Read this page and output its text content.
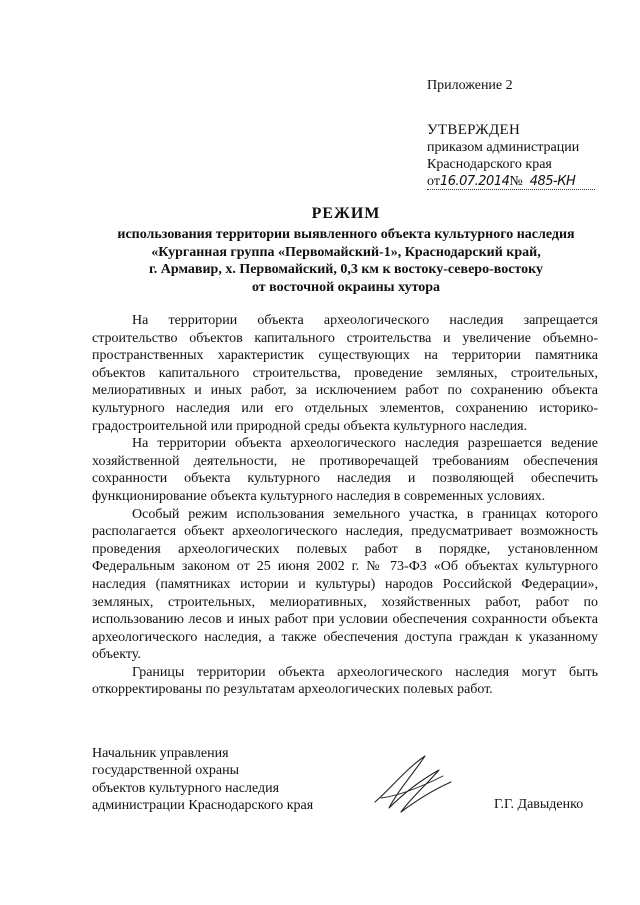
Приложение 2
УТВЕРЖДЕН
приказом администрации
Краснодарского края
от16.07.2014№ 485-КН
РЕЖИМ
использования территории выявленного объекта культурного наследия
«Курганная группа «Первомайский-1», Краснодарский край,
г. Армавир, х. Первомайский, 0,3 км к востоку-северо-востоку
от восточной окраины хутора

На территории объекта археологического наследия запрещается строительство объектов капитального строительства и увеличение объемно-пространственных характеристик существующих на территории памятника объектов капитального строительства, проведение земляных, строительных, мелиоративных и иных работ, за исключением работ по сохранению объекта культурного наследия или его отдельных элементов, сохранению историко-градостроительной или природной среды объекта культурного наследия.

На территории объекта археологического наследия разрешается ведение хозяйственной деятельности, не противоречащей требованиям обеспечения сохранности объекта культурного наследия и позволяющей обеспечить функционирование объекта культурного наследия в современных условиях.

Особый режим использования земельного участка, в границах которого располагается объект археологического наследия, предусматривает возможность проведения археологических полевых работ в порядке, установленном Федеральным законом от 25 июня 2002 г. № 73-ФЗ «Об объектах культурного наследия (памятниках истории и культуры) народов Российской Федерации», земляных, строительных, мелиоративных, хозяйственных работ, работ по использованию лесов и иных работ при условии обеспечения сохранности объекта археологического наследия, а также обеспечения доступа граждан к указанному объекту.

Границы территории объекта археологического наследия могут быть откорректированы по результатам археологических полевых работ.

Начальник управления
государственной охраны
объектов культурного наследия
администрации Краснодарского края	Г.Г. Давыденко
